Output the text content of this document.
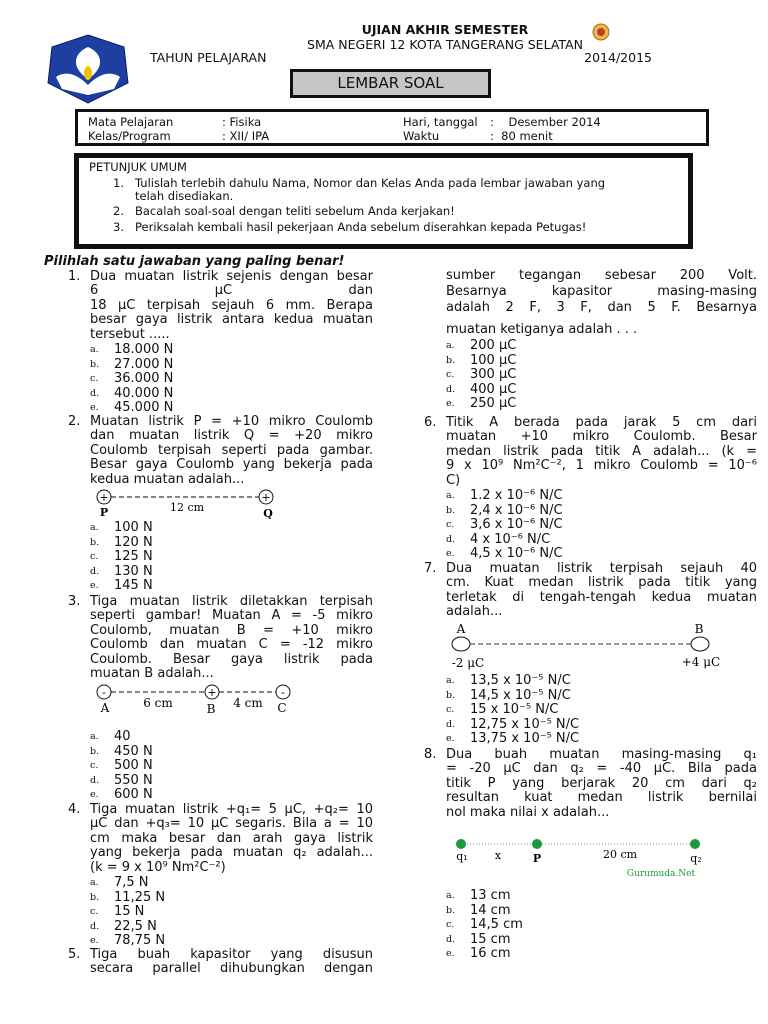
UJIAN AKHIR SEMESTER
SMA NEGERI 12 KOTA TANGERANG SELATAN
TAHUN PELAJARAN	2014/2015
LEMBAR SOAL
Mata Pelajaran	: Fisika	Hari, tanggal :    Desember 2014
Kelas/Program	: XII/ IPA	Waktu	:  80 menit
PETUNJUK UMUM
1. Tulislah terlebih dahulu Nama, Nomor dan Kelas Anda pada lembar jawaban yang
telah disediakan.
2. Bacalah soal-soal dengan teliti sebelum Anda kerjakan!
3. Periksalah kembali hasil pekerjaan Anda sebelum diserahkan kepada Petugas!
Pilihlah satu jawaban yang paling benar!
1. Dua muatan listrik sejenis dengan besar
6 μC dan
18 μC terpisah sejauh 6 mm. Berapa
besar gaya listrik antara kedua muatan
tersebut .....
a. 18.000 N
b. 27.000 N
c. 36.000 N
d. 40.000 N
e. 45.000 N
2. Muatan listrik P = +10 mikro Coulomb
dan muatan listrik Q = +20 mikro
Coulomb terpisah seperti pada gambar.
Besar gaya Coulomb yang bekerja pada
kedua muatan adalah...
a. 100 N
b. 120 N
c. 125 N
d. 130 N
e. 145 N
3. Tiga muatan listrik diletakkan terpisah
seperti gambar! Muatan A = -5 mikro
Coulomb, muatan B = +10 mikro
Coulomb dan muatan C = -12 mikro
Coulomb. Besar gaya listrik pada
muatan B adalah...
a. 40
b. 450 N
c. 500 N
d. 550 N
e. 600 N
4. Tiga muatan listrik +q₁= 5 μC, +q₂= 10
μC dan +q₃= 10 μC segaris. Bila a = 10
cm maka besar dan arah gaya listrik
yang bekerja pada muatan q₂ adalah...
(k = 9 x 10⁹ Nm²C⁻²)
a. 7,5 N
b. 11,25 N
c. 15 N
d. 22,5 N
e. 78,75 N
5. Tiga buah kapasitor yang disusun
secara parallel dihubungkan dengan
sumber tegangan sebesar 200 Volt.
Besarnya kapasitor masing-masing
adalah 2 F, 3 F, dan 5 F. Besarnya
muatan ketiganya adalah . . .
a. 200 μC
b. 100 μC
c. 300 μC
d. 400 μC
e. 250 μC
6. Titik A berada pada jarak 5 cm dari
muatan +10 mikro Coulomb. Besar
medan listrik pada titik A adalah... (k =
9 x 10⁹ Nm²C⁻², 1 mikro Coulomb = 10⁻⁶
C)
a. 1.2 x 10⁻⁶ N/C
b. 2,4 x 10⁻⁶ N/C
c. 3,6 x 10⁻⁶ N/C
d. 4 x 10⁻⁶ N/C
e. 4,5 x 10⁻⁶ N/C
7. Dua muatan listrik terpisah sejauh 40
cm. Kuat medan listrik pada titik yang
terletak di tengah-tengah kedua muatan
adalah...
a. 13,5 x 10⁻⁵ N/C
b. 14,5 x 10⁻⁵ N/C
c. 15 x 10⁻⁵ N/C
d. 12,75 x 10⁻⁵ N/C
e. 13,75 x 10⁻⁵ N/C
8. Dua buah muatan masing-masing q₁
= -20 μC dan q₂ = -40 μC. Bila pada
titik P yang berjarak 20 cm dari q₂
resultan kuat medan listrik bernilai
nol maka nilai x adalah...
a. 13 cm
b. 14 cm
c. 14,5 cm
d. 15 cm
e. 16 cm
+	+
P	12 cm	Q
-	+	-
A	6 cm	B 4 cm C
A	B
-2 μC	+4 μC
q₁ x	P	20 cm	q₂
Gurumuda.Net
